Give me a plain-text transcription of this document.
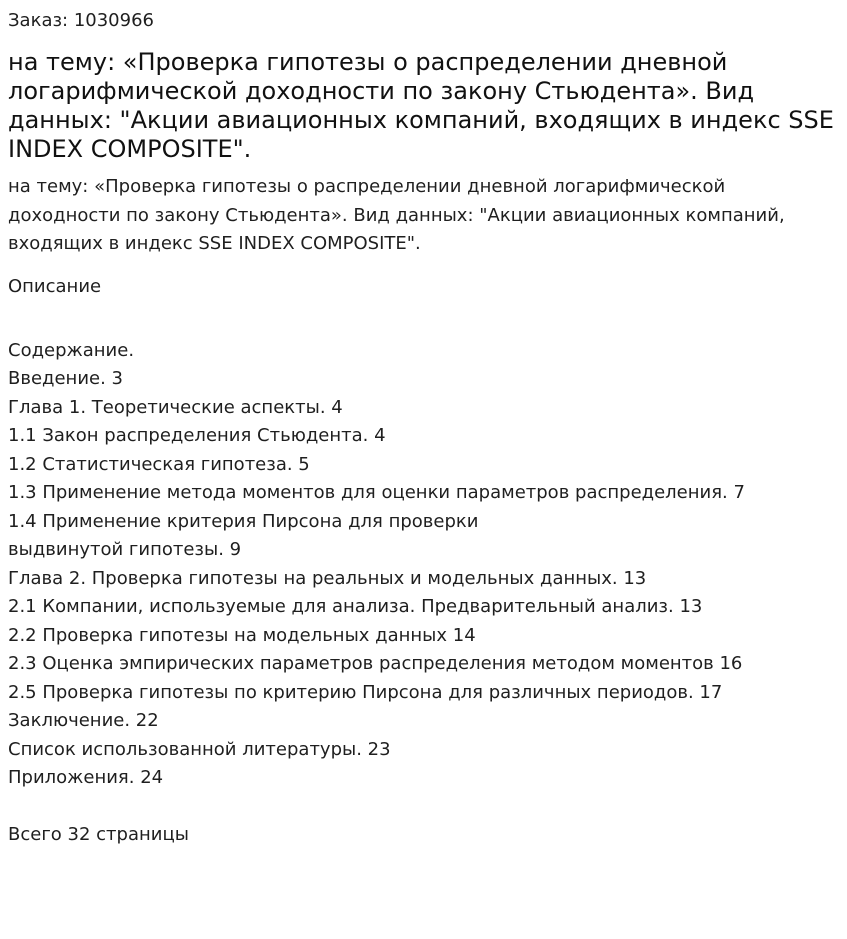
Заказ: 1030966

на тему: «Проверка гипотезы о распределении дневной логарифмической доходности по закону Стьюдента». Вид данных: "Акции авиационных компаний, входящих в индекс SSE INDEX COMPOSITE".

на тему: «Проверка гипотезы о распределении дневной логарифмической доходности по закону Стьюдента». Вид данных: "Акции авиационных компаний, входящих в индекс SSE INDEX COMPOSITE".

Описание

Содержание.
Введение. 3
Глава 1. Теоретические аспекты. 4
1.1 Закон распределения Стьюдента. 4
1.2 Статистическая гипотеза. 5
1.3 Применение метода моментов для оценки параметров распределения. 7
1.4 Применение критерия Пирсона для проверки
выдвинутой гипотезы. 9
Глава 2. Проверка гипотезы на реальных и модельных данных. 13
2.1 Компании, используемые для анализа. Предварительный анализ. 13
2.2 Проверка гипотезы на модельных данных 14
2.3 Оценка эмпирических параметров распределения методом моментов 16
2.5 Проверка гипотезы по критерию Пирсона для различных периодов. 17
Заключение. 22
Список использованной литературы. 23
Приложения. 24

Всего 32 страницы
